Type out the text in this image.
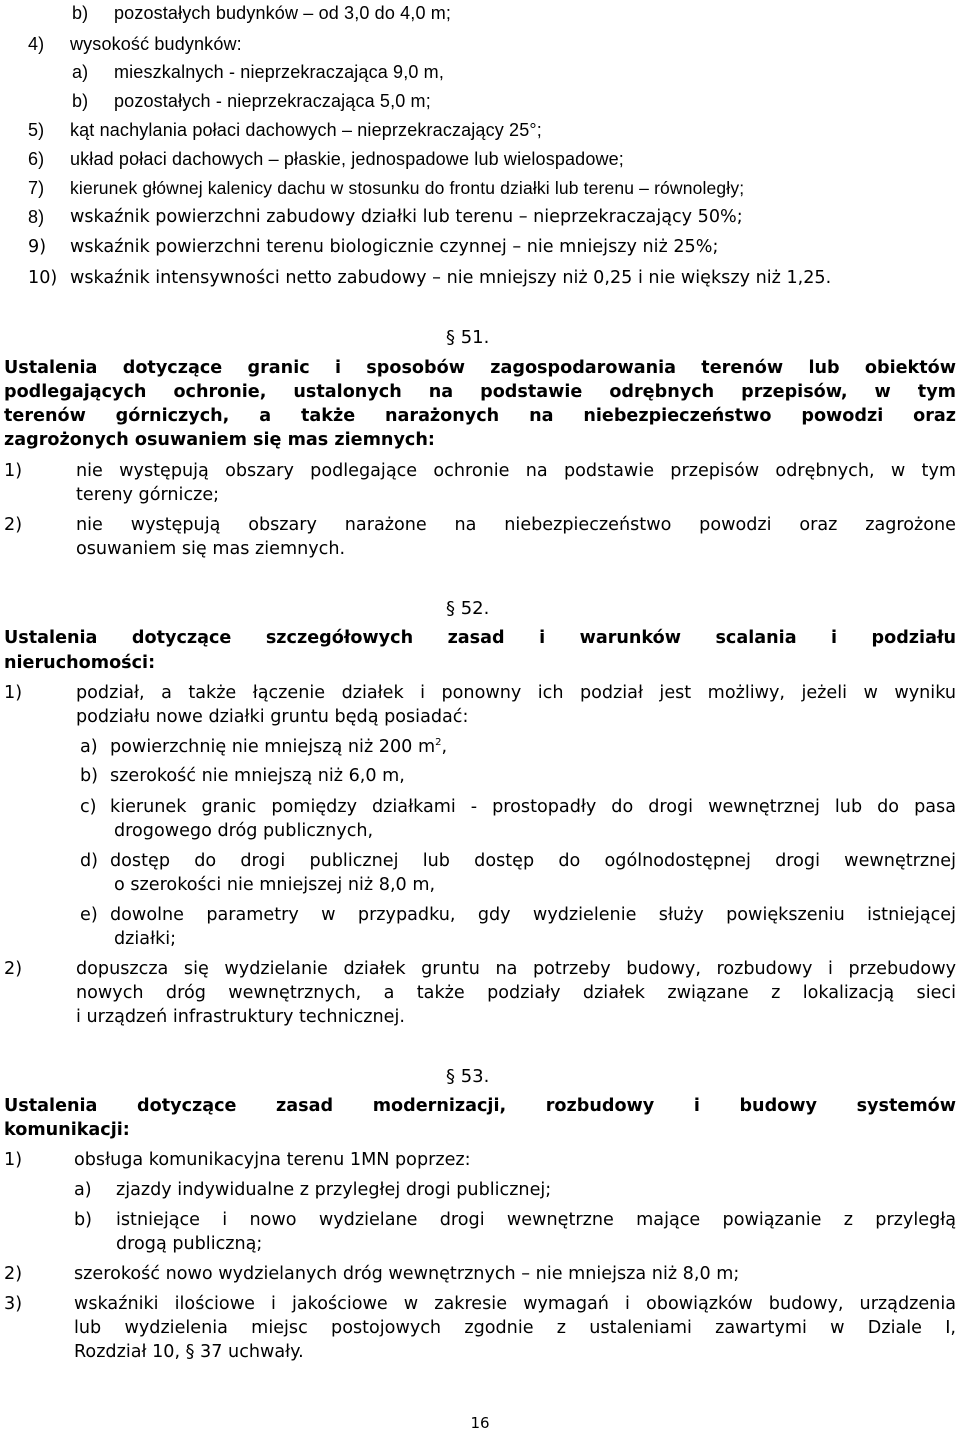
b) pozostałych budynków – od 3,0 do 4,0 m;
4) wysokość budynków:
a) mieszkalnych - nieprzekraczająca 9,0 m,
b) pozostałych - nieprzekraczająca 5,0 m;
5) kąt nachylania połaci dachowych – nieprzekraczający 25°;
6) układ połaci dachowych – płaskie, jednospadowe lub wielospadowe;
7) kierunek głównej kalenicy dachu w stosunku do frontu działki lub terenu – równoległy;
8) wskaźnik powierzchni zabudowy działki lub terenu – nieprzekraczający 50%;
9) wskaźnik powierzchni terenu biologicznie czynnej – nie mniejszy niż 25%;
10) wskaźnik intensywności netto zabudowy – nie mniejszy niż 0,25 i nie większy niż 1,25.
§ 51.
Ustalenia dotyczące granic i sposobów zagospodarowania terenów lub obiektów
podlegających ochronie, ustalonych na podstawie odrębnych przepisów, w tym
terenów górniczych, a także narażonych na niebezpieczeństwo powodzi oraz
zagrożonych osuwaniem się mas ziemnych:
1)	nie występują obszary podlegające ochronie na podstawie przepisów odrębnych, w tym
tereny górnicze;
2)	nie występują obszary narażone na niebezpieczeństwo powodzi oraz zagrożone
osuwaniem się mas ziemnych.
§ 52.
Ustalenia dotyczące szczegółowych zasad i warunków scalania i podziału
nieruchomości:
1)	podział, a także łączenie działek i ponowny ich podział jest możliwy, jeżeli w wyniku
podziału nowe działki gruntu będą posiadać:
a) powierzchnię nie mniejszą niż 200 $m^2$,
b) szerokość nie mniejszą niż 6,0 m,
c) kierunek granic pomiędzy działkami - prostopadły do drogi wewnętrznej lub do pasa
drogowego dróg publicznych,
d) dostęp do drogi publicznej lub dostęp do ogólnodostępnej drogi wewnętrznej
o szerokości nie mniejszej niż 8,0 m,
e) dowolne parametry w przypadku, gdy wydzielenie służy powiększeniu istniejącej
działki;
2)	dopuszcza się wydzielanie działek gruntu na potrzeby budowy, rozbudowy i przebudowy
nowych dróg wewnętrznych, a także podziały działek związane z lokalizacją sieci
i urządzeń infrastruktury technicznej.
§ 53.
Ustalenia dotyczące zasad modernizacji, rozbudowy i budowy systemów
komunikacji:
1)	obsługa komunikacyjna terenu 1MN poprzez:
a) zjazdy indywidualne z przyległej drogi publicznej;
b) istniejące i nowo wydzielane drogi wewnętrzne mające powiązanie z przyległą
drogą publiczną;
2)	szerokość nowo wydzielanych dróg wewnętrznych – nie mniejsza niż 8,0 m;
3)	wskaźniki ilościowe i jakościowe w zakresie wymagań i obowiązków budowy, urządzenia
lub wydzielenia miejsc postojowych zgodnie z ustaleniami zawartymi w Dziale I,
Rozdział 10, § 37 uchwały.
16
